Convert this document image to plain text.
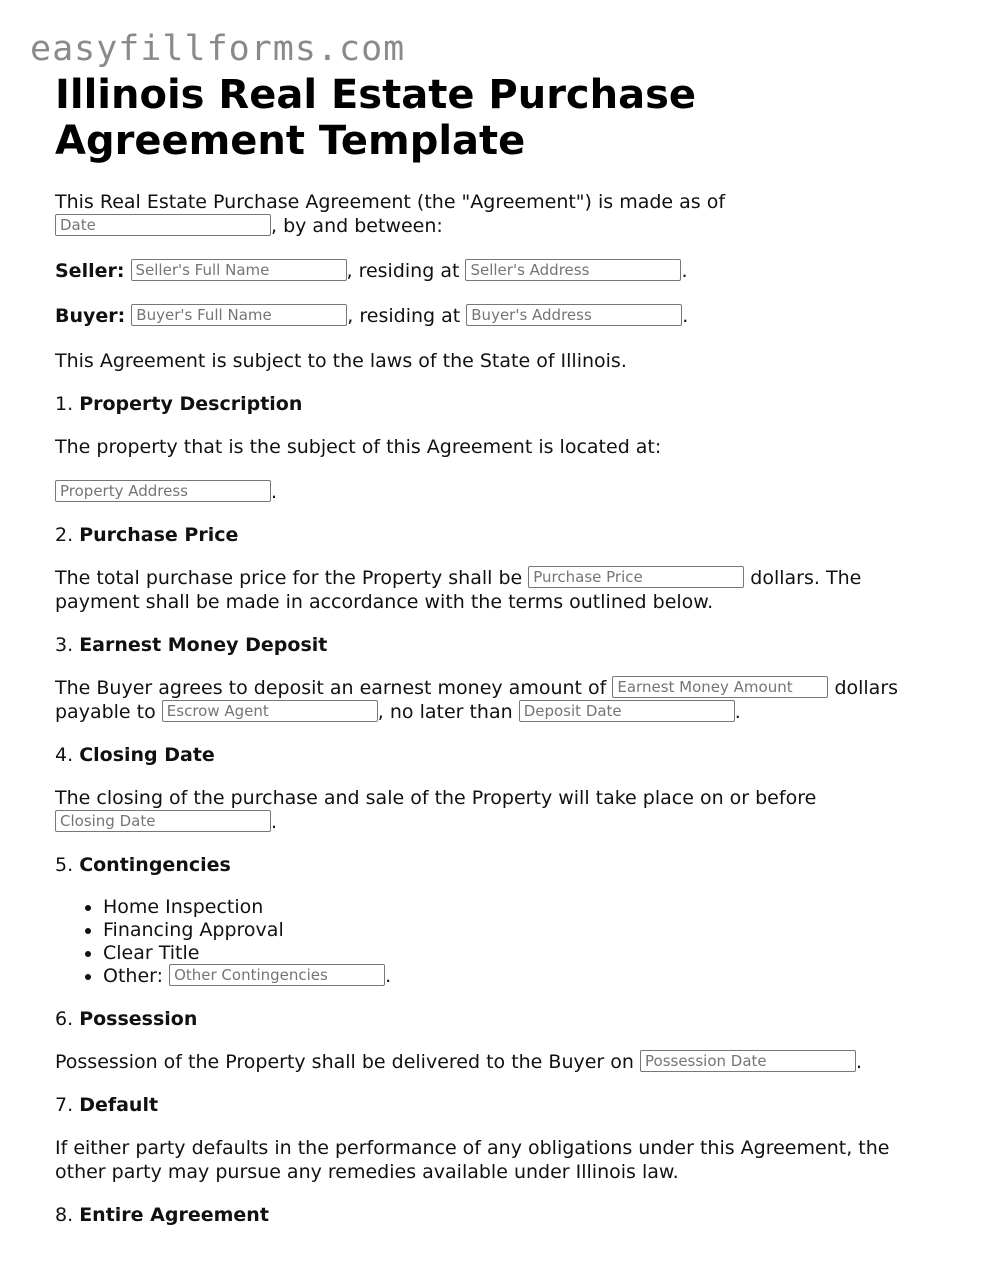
easyfillforms.com
Illinois Real Estate Purchase Agreement Template

This Real Estate Purchase Agreement (the "Agreement") is made as of
Date, by and between:

Seller: Seller's Full Name	, residing at Seller's Address	.

Buyer: Buyer's Full Name	, residing at Buyer's Address	.

This Agreement is subject to the laws of the State of Illinois.

1. Property Description

The property that is the subject of this Agreement is located at:

Property Address.

2. Purchase Price

The total purchase price for the Property shall be Purchase Price	dollars. The payment shall be made in accordance with the terms outlined below.

3. Earnest Money Deposit

The Buyer agrees to deposit an earnest money amount of Earnest Money Amount	dollars payable to Escrow Agent	, no later than Deposit Date	.

4. Closing Date

The closing of the purchase and sale of the Property will take place on or before
Closing Date.

5. Contingencies

• Home Inspection
• Financing Approval
• Clear Title
• Other: Other Contingencies	.

6. Possession

Possession of the Property shall be delivered to the Buyer on Possession Date	.

7. Default

If either party defaults in the performance of any obligations under this Agreement, the other party may pursue any remedies available under Illinois law.

8. Entire Agreement
